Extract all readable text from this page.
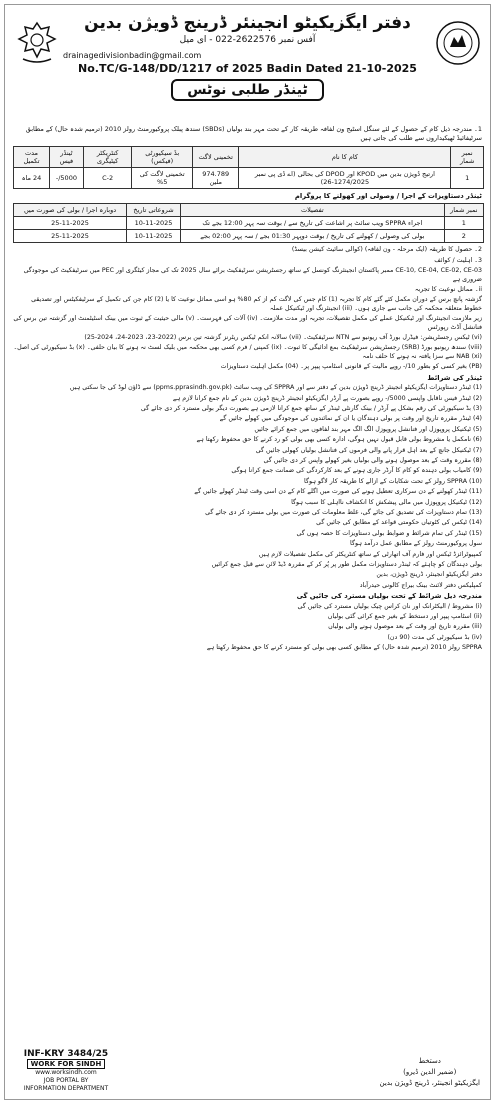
دفتر ایگزیکیٹو انجینئر ڈرینج ڈویژن بدین
آفس نمبر 2622576-022 - ای میل
drainagedivisionbadin@gmail.com
No.TC/G-148/DD/1217 of 2025 Badin Dated 21-10-2025
ٹینڈر طلبی نوٹس
1۔ مندرجہ ذیل کام کے حصول کے لئے سنگل اسٹیج ون لفافہ طریقہ کار کے تحت مہر بند بولیاں (SBDs) سندھ پبلک پروکیورمنٹ رولز 2010 (ترمیم شدہ حال) کے مطابق سرٹیفائیڈ ٹھیکیداروں سے طلب کی جاتی ہیں
نمبر شمار	کام کا نام	تخمینی لاگت	بڈ سیکیورٹی (فیکس)	کنٹریکٹر کیٹیگری	ٹینڈر فیس	مدت تکمیل
1	ارتیج ڈویژن بدین میں KPOD اور DPOD کی بحالی (اے ڈی پی نمبر 1274/2025-26)	974.789 ملین	تخمینی لاگت کی 5%	C-2	5000/-	24 ماہ
ٹینڈر دستاویزات کے اجرا / وصولی اور کھولنے کا پروگرام
نمبر شمار	تفصیلات	شروعاتی تاریخ	دوبارہ اجرا / بولی کی صورت میں
1	اجراء SPPRA ویب سائٹ پر اشاعت کی تاریخ سے / بوقت سہ پہر 12:00 بجے تک	10-11-2025	25-11-2025
2	بولی کی وصولی / کھولنے کی تاریخ / بوقت دوپہر 01:30 بجے / سہ پہر 02:00 بجے	10-11-2025	25-11-2025

2۔ حصول کا طریقہ (ایک مرحلہ - ون لفافہ) (کوالی سائیٹ کیشن بیسڈ)

3۔ اہلیت / کوائف

CE-10, CE-04, CE-02, CE-03 ممبر پاکستان انجینئرنگ کونسل کے ساتھ رجسٹریشن سرٹیفکیٹ برائے سال 2025 تک کی مجاز کیٹگری اور PEC میں سرٹیفکیٹ کی موجودگی ضروری ہے

ii۔ مماثل نوعیت کا تجربہ

گزشتہ پانچ برس کے دوران مکمل کئے گئے کام کا تجربہ (1) کام جس کی لاگت کم از کم 80% ہو اسی مماثل نوعیت کا یا (2) کام جن کی تکمیل کے سرٹیفکیٹس اور تصدیقی خطوط متعلقہ محکمہ کی جانب سے جاری ہوں۔ (iii) انجینئرنگ اور ٹیکنیکل عملہ

زیر ملازمت انجینئرنگ اور ٹیکنیکل عملے کی مکمل تفصیلات، تجربہ اور مدت ملازمت۔ (iv) آلات کی فہرست۔ (v) مالی حیثیت کے ثبوت میں بینک اسٹیٹمنٹ اور گزشتہ تین برس کی فنانشل آڈٹ رپورٹس

(vi) ٹیکس رجسٹریشن: فیڈرل بورڈ آف ریونیو سے NTN سرٹیفکیٹ۔ (vii) سالانہ انکم ٹیکس ریٹرنز گزشتہ تین برس (2022-23، 2023-24، 2024-25)

(viii) سندھ ریونیو بورڈ (SRB) رجسٹریشن سرٹیفکیٹ بمع ادائیگی کا ثبوت۔ (ix) کمپنی / فرم کسی بھی محکمہ میں بلیک لسٹ نہ ہونے کا بیان حلفی۔ (x) بڈ سیکیورٹی کی اصل۔ (xi) NAB سے سزا یافتہ نہ ہونے کا حلف نامہ

(PB) بغیر کسی کو بطور 10/- روپے مالیت کے قانونی اسٹامپ پیپر پر۔ (04) مکمل اہلیت دستاویزات

ٹینڈر کی شرائط

(1) ٹینڈر دستاویزات ایگزیکیٹو انجینئر ڈرینج ڈویژن بدین کے دفتر سے اور SPPRA کی ویب سائٹ (ppms.pprasindh.gov.pk) سے ڈاؤن لوڈ کی جا سکتی ہیں

(2) ٹینڈر فیس ناقابل واپسی 5000/- روپے بصورت پے آرڈر ایگزیکیٹو انجینئر ڈرینج ڈویژن بدین کے نام جمع کرانا لازم ہے

(3) بڈ سیکیورٹی کی رقم بشکل پے آرڈر / بینک گارنٹی ٹینڈر کے ساتھ جمع کرانا لازمی ہے بصورت دیگر بولی مسترد کر دی جائے گی

(4) ٹینڈر مقررہ تاریخ اور وقت پر بولی دہندگان یا ان کے نمائندوں کی موجودگی میں کھولے جائیں گے

(5) ٹیکنیکل پروپوزل اور فنانشل پروپوزل الگ الگ مہر بند لفافوں میں جمع کرائے جائیں

(6) نامکمل یا مشروط بولی قابل قبول نہیں ہوگی، ادارہ کسی بھی بولی کو رد کرنے کا حق محفوظ رکھتا ہے

(7) ٹیکنیکل جانچ کے بعد اہل قرار پانے والی فرموں کی فنانشل بولیاں کھولی جائیں گی

(8) مقررہ وقت کے بعد موصول ہونے والی بولیاں بغیر کھولے واپس کر دی جائیں گی

(9) کامیاب بولی دہندہ کو کام کا آرڈر جاری ہونے کے بعد کارکردگی کی ضمانت جمع کرانا ہوگی

(10) SPPRA رولز کے تحت شکایات کے ازالے کا طریقہ کار لاگو ہوگا

(11) ٹینڈر کھولنے کے دن سرکاری تعطیل ہونے کی صورت میں اگلے کام کے دن اسی وقت ٹینڈر کھولے جائیں گے

(12) ٹیکنیکل پروپوزل میں مالی پیشکش کا انکشاف نااہلی کا سبب ہوگا

(13) تمام دستاویزات کی تصدیق کی جائے گی، غلط معلومات کی صورت میں بولی مسترد کر دی جائے گی

(14) ٹیکس کی کٹوتیاں حکومتی قواعد کے مطابق کی جائیں گی

(15) ٹینڈر کی تمام شرائط و ضوابط بولی دستاویزات کا حصہ ہوں گی

سول پروکیورمنٹ رولز کے مطابق عمل درآمد ہوگا

کمپیوٹرائزڈ ٹیکس اور فارم آف اتھارٹی کے ساتھ کنٹریکٹر کی مکمل تفصیلات لازم ہیں

بولی دہندگان کو چاہئے کہ ٹینڈر دستاویزات مکمل طور پر پُر کر کے مقررہ ڈیڈ لائن سے قبل جمع کرائیں

دفتر ایگزیکیٹو انجینئر، ڈرینج ڈویژن، بدین

کمپلیکس دفتر لائنٹ بینک بیراج کالونی حیدرآباد

مندرجہ ذیل شرائط کے تحت بولیاں مسترد کی جائیں گی

(i) مشروط / الیکٹرانک اور نان کراس چیک بولیاں مسترد کی جائیں گی

(ii) اسٹامپ پیپر اور دستخط کے بغیر جمع کرائی گئی بولیاں

(iii) مقررہ تاریخ اور وقت کے بعد موصول ہونے والی بولیاں

(iv) بڈ سیکیورٹی کی مدت (90 دن)

SPPRA رولز 2010 (ترمیم شدہ حال) کے مطابق کسی بھی بولی کو مسترد کرنے کا حق محفوظ رکھتا ہے

INF-KRY 3484/25
WORK FOR SINDH
www.worksindh.com
JOB PORTAL BY
INFORMATION DEPARTMENT
دستخط
(ضمیر الدین ڈیرو)
ایگزیکیٹو انجینئر، ڈرینج ڈویژن بدین
